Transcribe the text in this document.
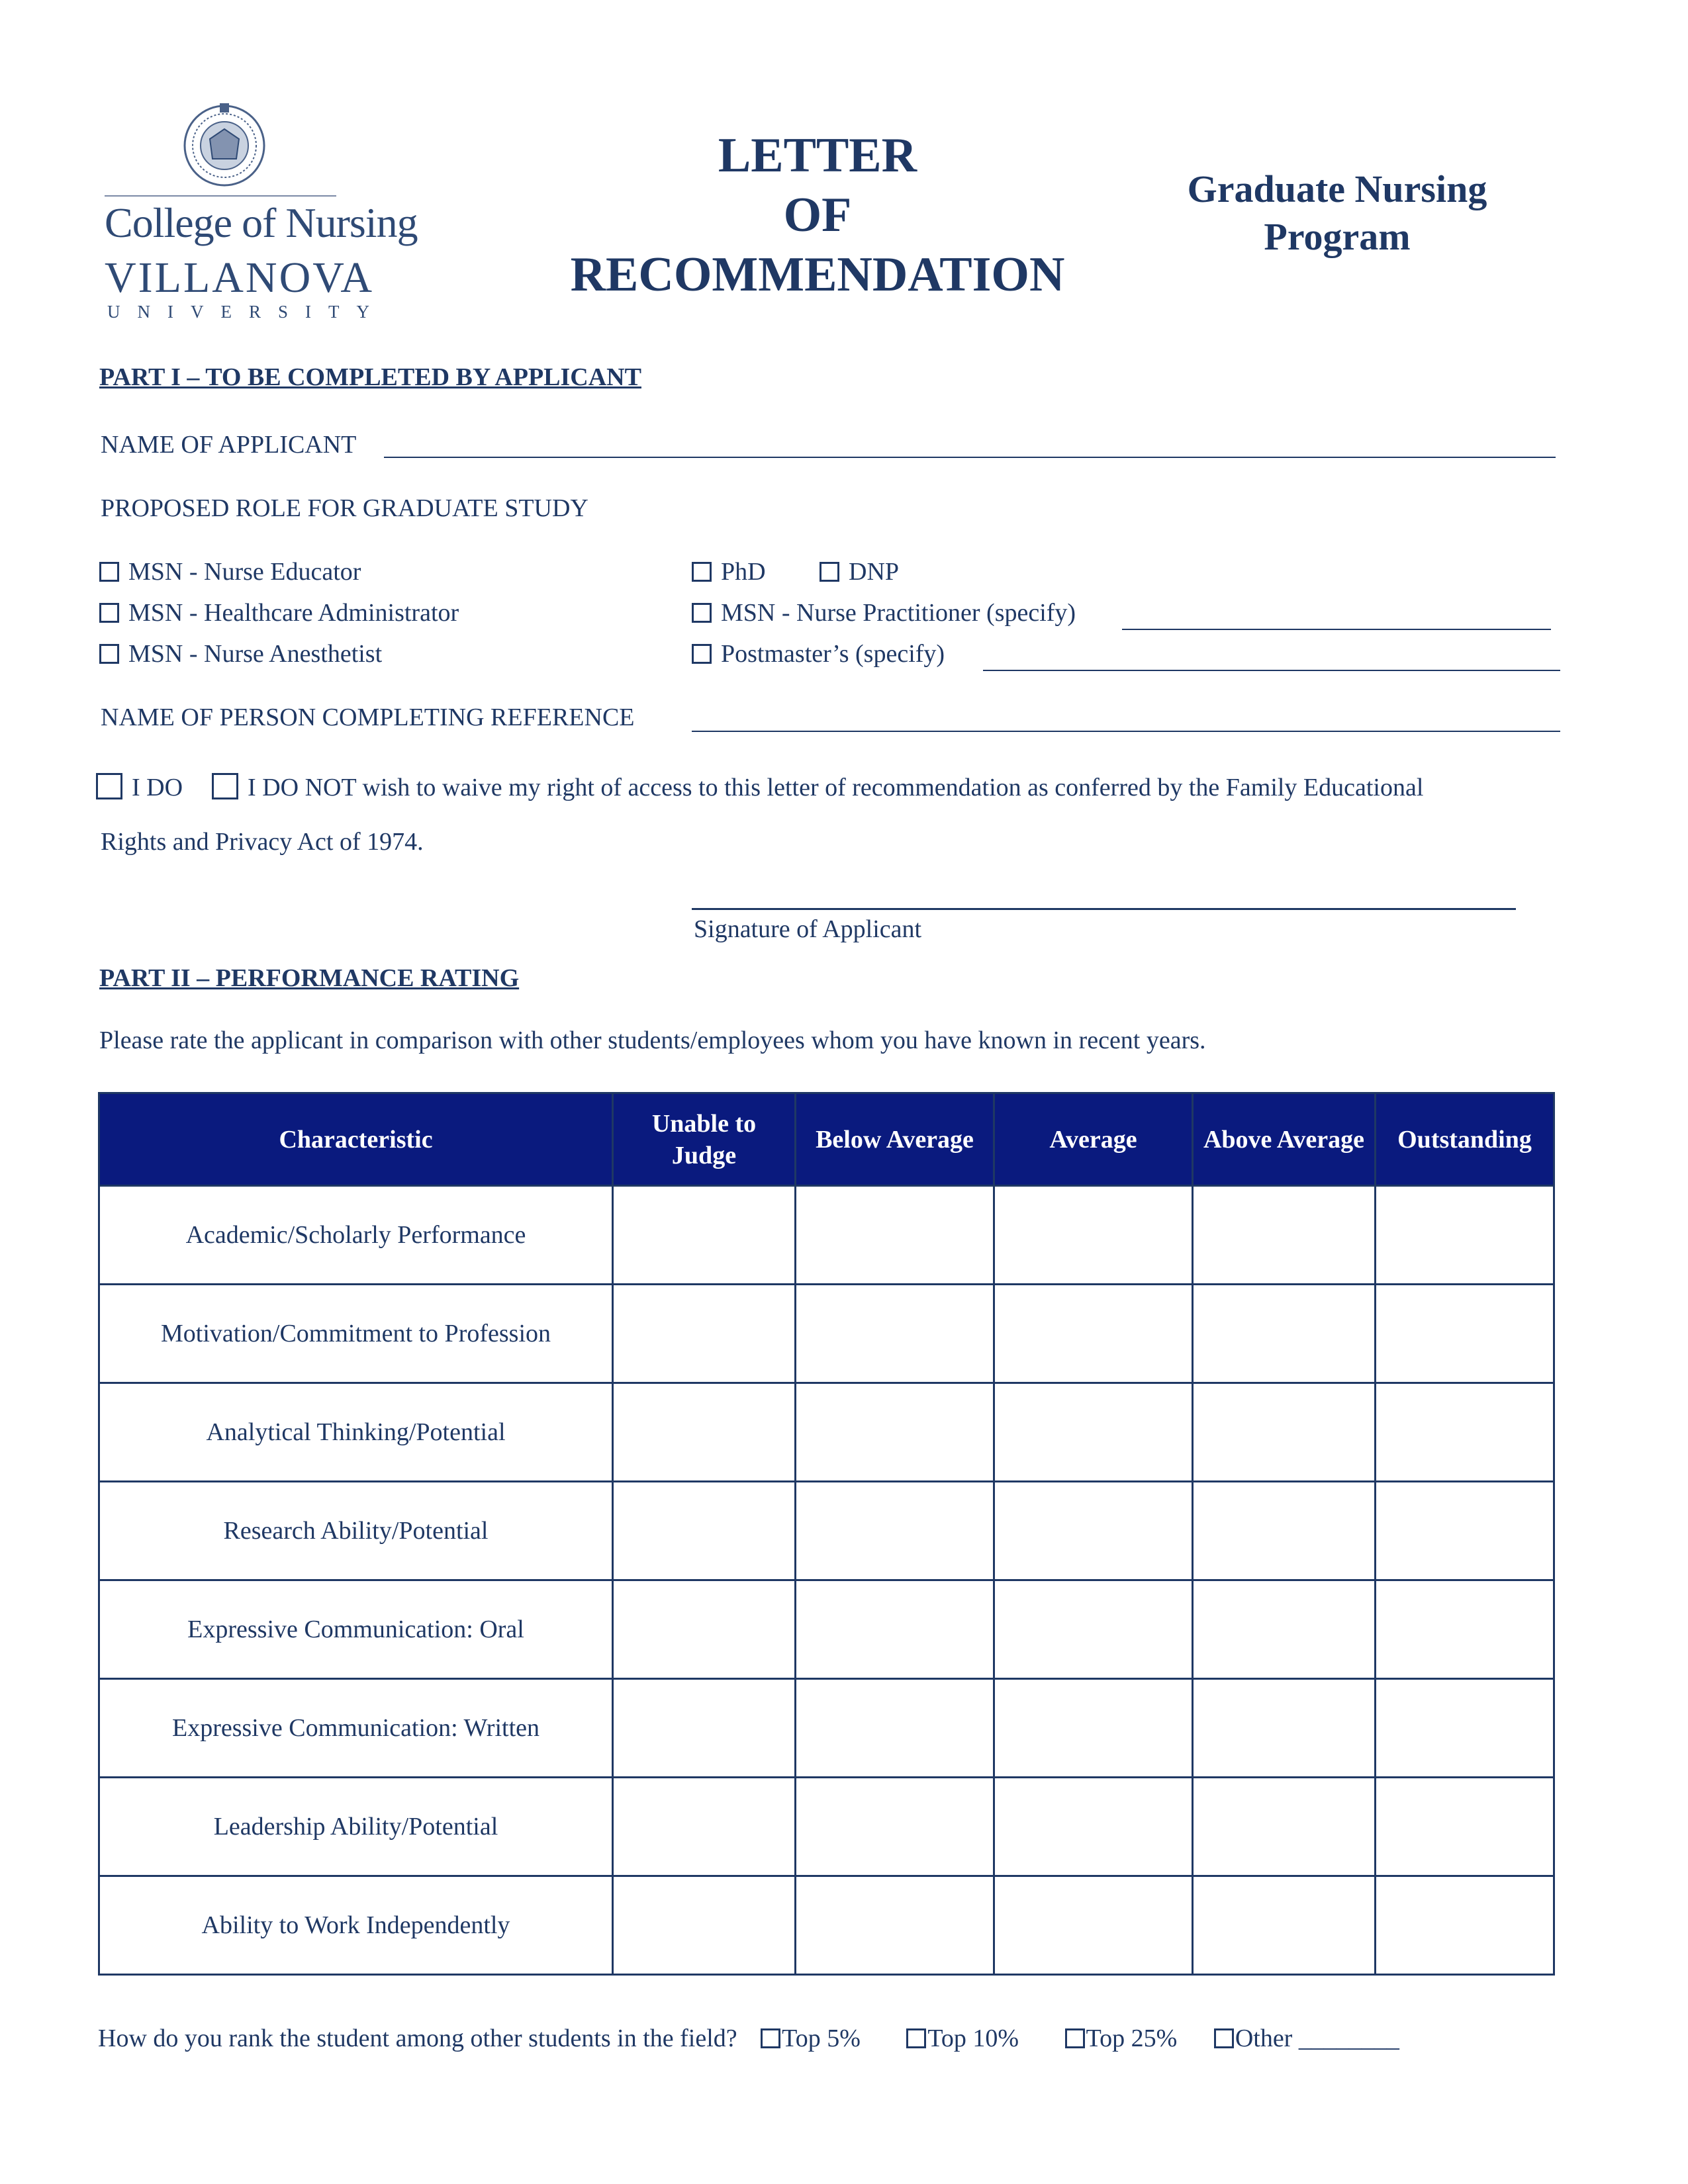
College of Nursing
VILLANOVA
UNIVERSITY
LETTER
OF
RECOMMENDATION
Graduate Nursing
Program
PART I – TO BE COMPLETED BY APPLICANT
NAME OF APPLICANT
PROPOSED ROLE FOR GRADUATE STUDY
MSN - Nurse Educator
MSN - Healthcare Administrator
MSN - Nurse Anesthetist
PhD	DNP
MSN - Nurse Practitioner (specify)
Postmaster’s (specify)
NAME OF PERSON COMPLETING REFERENCE
I DO	I DO NOT wish to waive my right of access to this letter of recommendation as conferred by the Family Educational
Rights and Privacy Act of 1974.
Signature of Applicant
PART II – PERFORMANCE RATING
Please rate the applicant in comparison with other students/employees whom you have known in recent years.
Characteristic	Unable to Judge	Below Average	Average	Above Average	Outstanding
Academic/Scholarly Performance					
Motivation/Commitment to Profession					
Analytical Thinking/Potential					
Research Ability/Potential					
Expressive Communication: Oral					
Expressive Communication: Written					
Leadership Ability/Potential					
Ability to Work Independently					
How do you rank the student among other students in the field? Top 5%	Top 10%	Top 25% Other ________
